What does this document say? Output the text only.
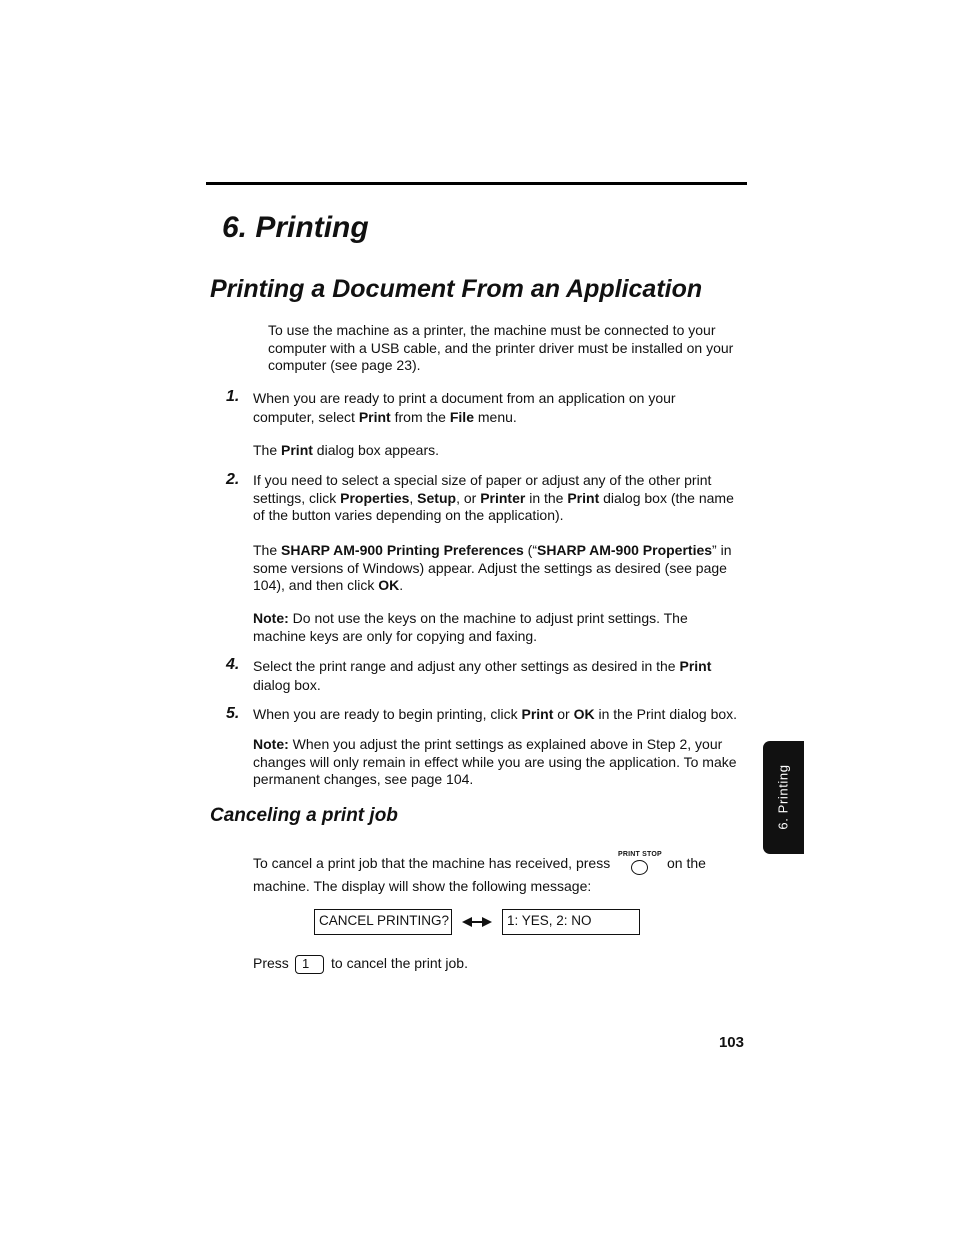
6. Printing
Printing a Document From an Application

To use the machine as a printer, the machine must be connected to your computer with a USB cable, and the printer driver must be installed on your computer (see page 23).

1. When you are ready to print a document from an application on your computer, select Print from the File menu.

The Print dialog box appears.

2. If you need to select a special size of paper or adjust any of the other print settings, click Properties, Setup, or Printer in the Print dialog box (the name of the button varies depending on the application).

The SHARP AM-900 Printing Preferences (“SHARP AM-900 Properties” in some versions of Windows) appear. Adjust the settings as desired (see page 104), and then click OK.

Note: Do not use the keys on the machine to adjust print settings. The machine keys are only for copying and faxing.

4. Select the print range and adjust any other settings as desired in the Print dialog box.

5. When you are ready to begin printing, click Print or OK in the Print dialog box.

Note: When you adjust the print settings as explained above in Step 2, your changes will only remain in effect while you are using the application. To make permanent changes, see page 104.

Canceling a print job

To cancel a print job that the machine has received, press

PRINT STOP

on the

machine. The display will show the following message:

CANCEL PRINTING?	1: YES, 2: NO

Press	1	to cancel the print job.

6. Printing
103
